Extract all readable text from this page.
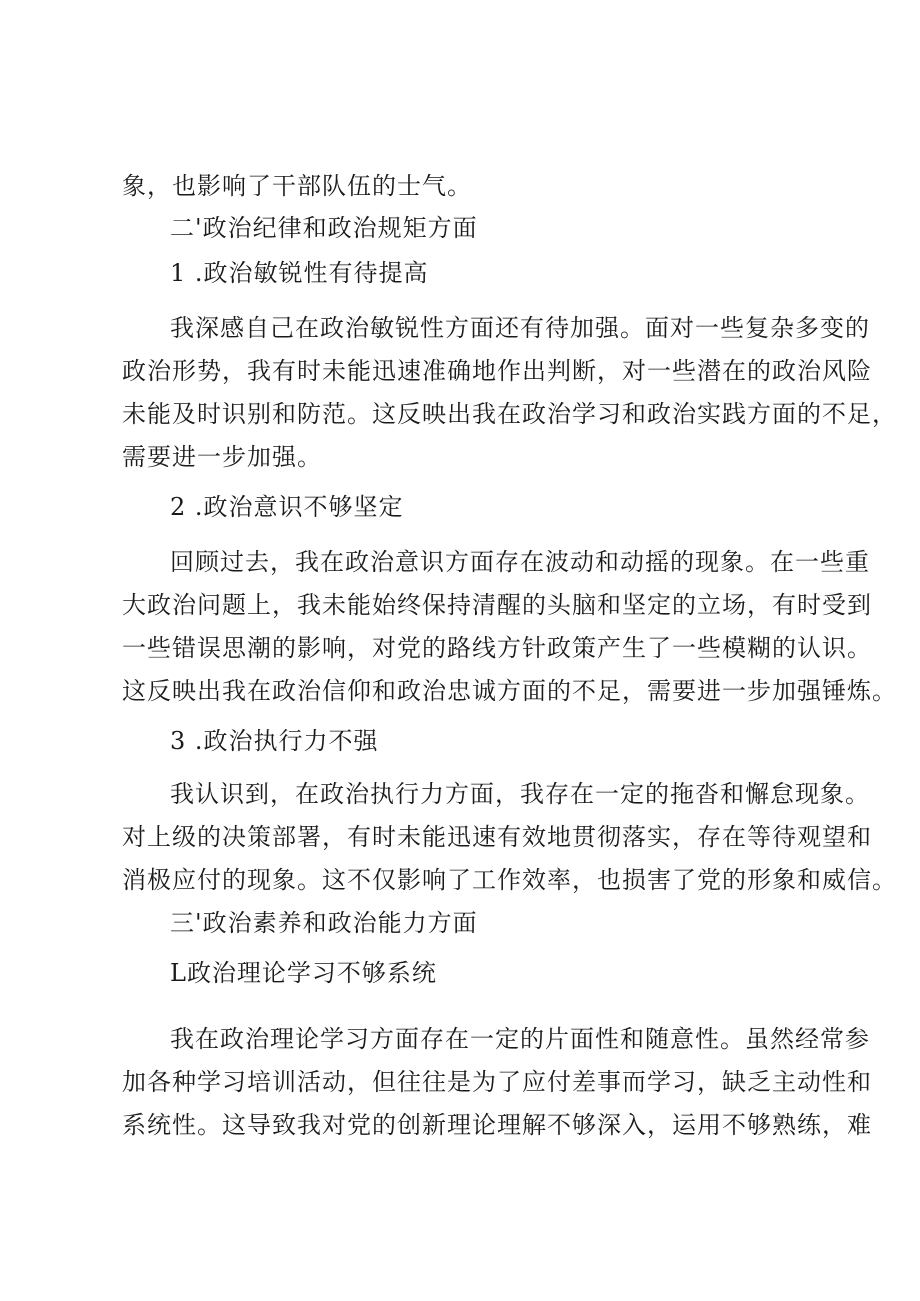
象，也影响了干部队伍的士气。
二'政治纪律和政治规矩方面
1 .政治敏锐性有待提高
我深感自己在政治敏锐性方面还有待加强。面对一些复杂多变的
政治形势，我有时未能迅速准确地作出判断，对一些潜在的政治风险
未能及时识别和防范。这反映出我在政治学习和政治实践方面的不足，
需要进一步加强。
2 .政治意识不够坚定
回顾过去，我在政治意识方面存在波动和动摇的现象。在一些重
大政治问题上，我未能始终保持清醒的头脑和坚定的立场，有时受到
一些错误思潮的影响，对党的路线方针政策产生了一些模糊的认识。
这反映出我在政治信仰和政治忠诚方面的不足，需要进一步加强锤炼。
3 .政治执行力不强
我认识到，在政治执行力方面，我存在一定的拖沓和懈怠现象。
对上级的决策部署，有时未能迅速有效地贯彻落实，存在等待观望和
消极应付的现象。这不仅影响了工作效率，也损害了党的形象和威信。
三'政治素养和政治能力方面
L政治理论学习不够系统
我在政治理论学习方面存在一定的片面性和随意性。虽然经常参
加各种学习培训活动，但往往是为了应付差事而学习，缺乏主动性和
系统性。这导致我对党的创新理论理解不够深入，运用不够熟练，难
